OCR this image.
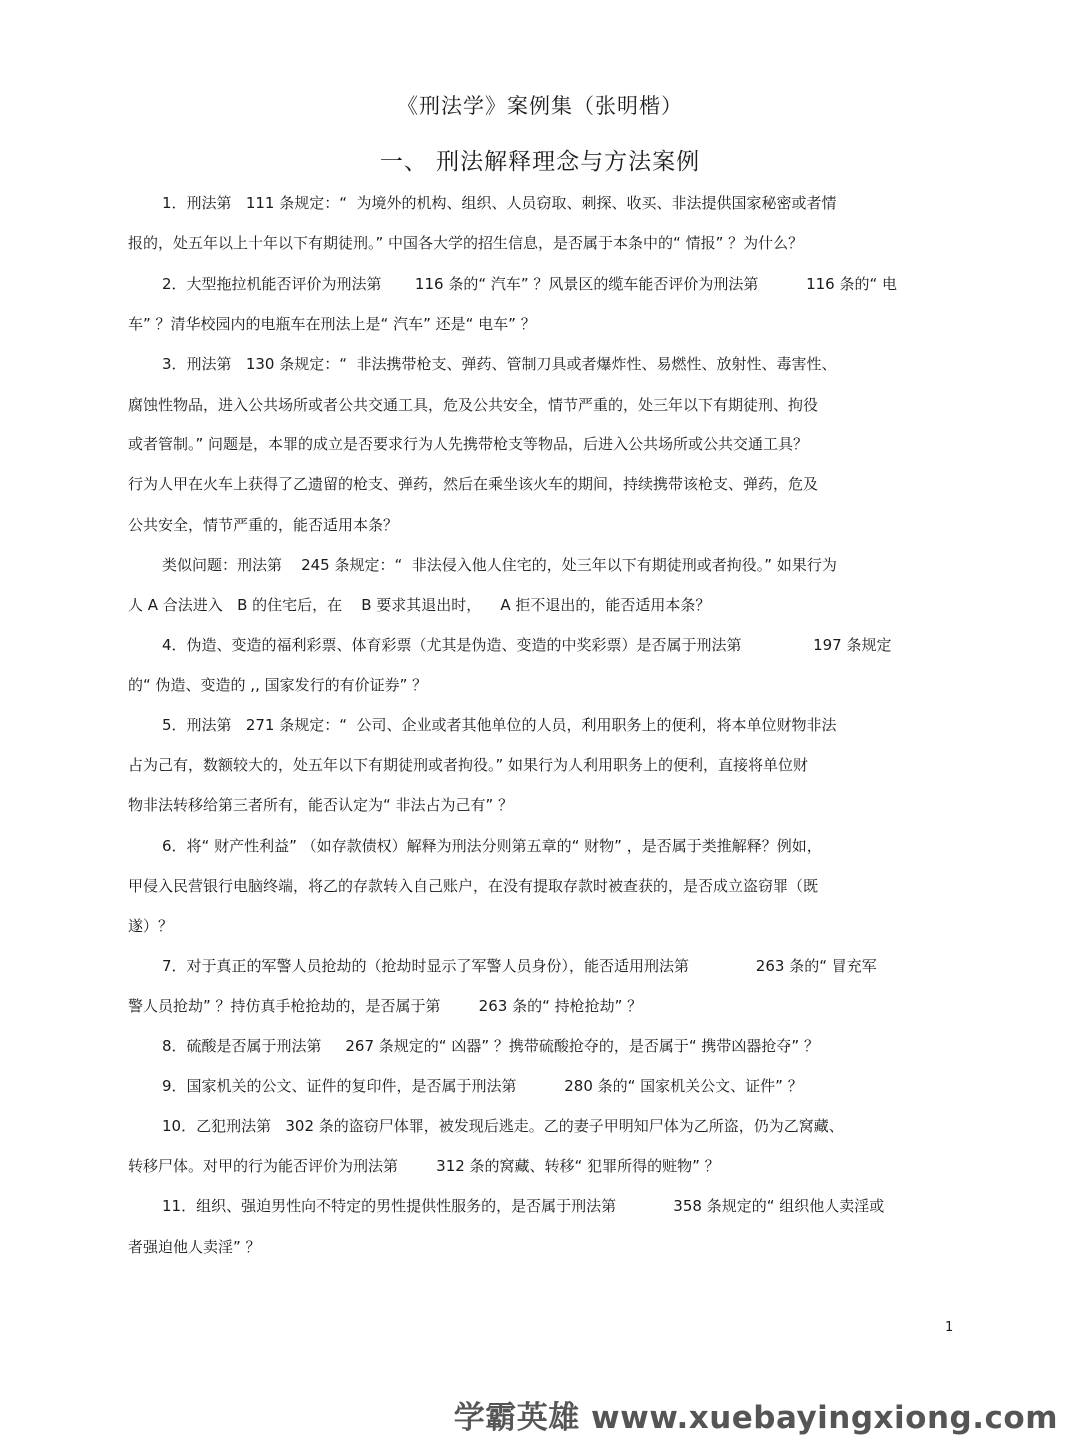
《刑法学》案例集（张明楷）
一、 刑法解释理念与方法案例

1．刑法第   111 条规定：“  为境外的机构、组织、人员窃取、刺探、收买、非法提供国家秘密或者情

报的，处五年以上十年以下有期徒刑。” 中国各大学的招生信息，是否属于本条中的“ 情报” ？为什么？

2．大型拖拉机能否评价为刑法第       116 条的“ 汽车” ？风景区的缆车能否评价为刑法第          116 条的“ 电

车” ？清华校园内的电瓶车在刑法上是“ 汽车” 还是“ 电车” ？

3．刑法第   130 条规定：“  非法携带枪支、弹药、管制刀具或者爆炸性、易燃性、放射性、毒害性、

腐蚀性物品，进入公共场所或者公共交通工具，危及公共安全，情节严重的，处三年以下有期徒刑、拘役

或者管制。” 问题是，本罪的成立是否要求行为人先携带枪支等物品，后进入公共场所或公共交通工具？

行为人甲在火车上获得了乙遗留的枪支、弹药，然后在乘坐该火车的期间，持续携带该枪支、弹药，危及

公共安全，情节严重的，能否适用本条？

类似问题：刑法第    245 条规定：“  非法侵入他人住宅的，处三年以下有期徒刑或者拘役。” 如果行为

人 A 合法进入   B 的住宅后，在    B 要求其退出时，    A 拒不退出的，能否适用本条？

4．伪造、变造的福利彩票、体育彩票（尤其是伪造、变造的中奖彩票）是否属于刑法第               197 条规定

的“ 伪造、变造的 ,, 国家发行的有价证券” ？

5．刑法第   271 条规定：“  公司、企业或者其他单位的人员，利用职务上的便利，将本单位财物非法

占为己有，数额较大的，处五年以下有期徒刑或者拘役。” 如果行为人利用职务上的便利，直接将单位财

物非法转移给第三者所有，能否认定为“ 非法占为己有” ？

6．将“ 财产性利益” （如存款债权）解释为刑法分则第五章的“ 财物” ，是否属于类推解释？例如，

甲侵入民营银行电脑终端，将乙的存款转入自己账户，在没有提取存款时被查获的，是否成立盗窃罪（既

遂）？

7．对于真正的军警人员抢劫的（抢劫时显示了军警人员身份），能否适用刑法第              263 条的“ 冒充军

警人员抢劫” ？持仿真手枪抢劫的，是否属于第        263 条的“ 持枪抢劫” ？

8．硫酸是否属于刑法第     267 条规定的“ 凶器” ？携带硫酸抢夺的，是否属于“ 携带凶器抢夺” ？

9．国家机关的公文、证件的复印件，是否属于刑法第          280 条的“ 国家机关公文、证件” ？

10．乙犯刑法第   302 条的盗窃尸体罪，被发现后逃走。乙的妻子甲明知尸体为乙所盗，仍为乙窝藏、

转移尸体。对甲的行为能否评价为刑法第        312 条的窝藏、转移“ 犯罪所得的赃物” ？

11．组织、强迫男性向不特定的男性提供性服务的，是否属于刑法第            358 条规定的“ 组织他人卖淫或

者强迫他人卖淫” ？

1
学霸英雄 www.xuebayingxiong.com
